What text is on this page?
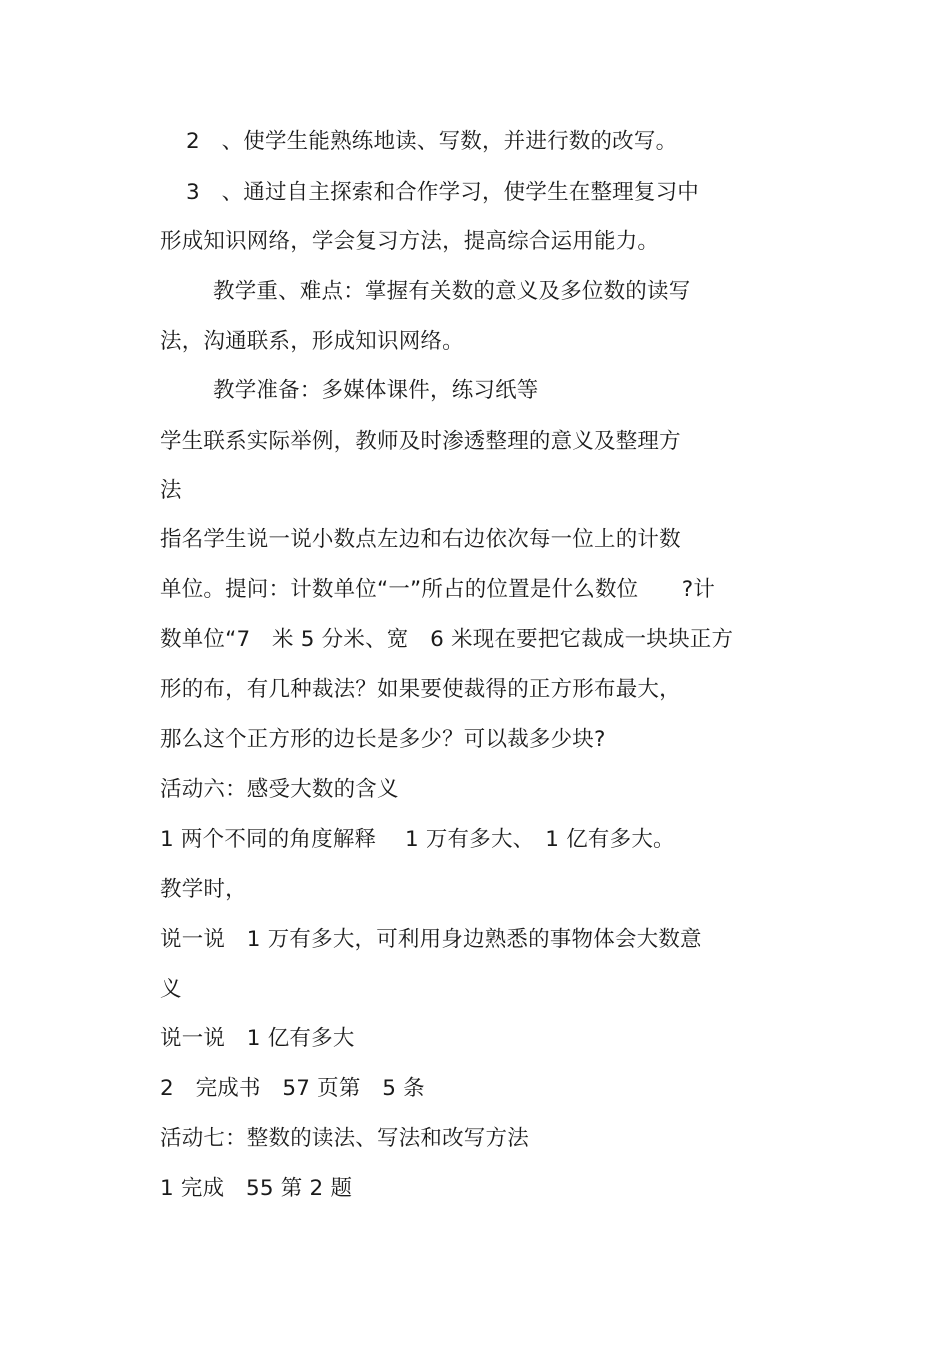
2　、使学生能熟练地读、写数，并进行数的改写。
3　、通过自主探索和合作学习，使学生在整理复习中
形成知识网络，学会复习方法，提高综合运用能力。
教学重、难点：掌握有关数的意义及多位数的读写
法，沟通联系，形成知识网络。
教学准备：多媒体课件，练习纸等
学生联系实际举例，教师及时渗透整理的意义及整理方
法
指名学生说一说小数点左边和右边依次每一位上的计数
单位。提问：计数单位“一”所占的位置是什么数位　　?计
数单位“7　米 5 分米、宽　6 米现在要把它裁成一块块正方
形的布，有几种裁法？如果要使裁得的正方形布最大，
那么这个正方形的边长是多少？可以裁多少块?
活动六：感受大数的含义
1 两个不同的角度解释　 1 万有多大、　1 亿有多大。
教学时，
说一说　1 万有多大，可利用身边熟悉的事物体会大数意
义
说一说　1 亿有多大
2　完成书　57 页第　5 条
活动七：整数的读法、写法和改写方法
1 完成　55 第 2 题
